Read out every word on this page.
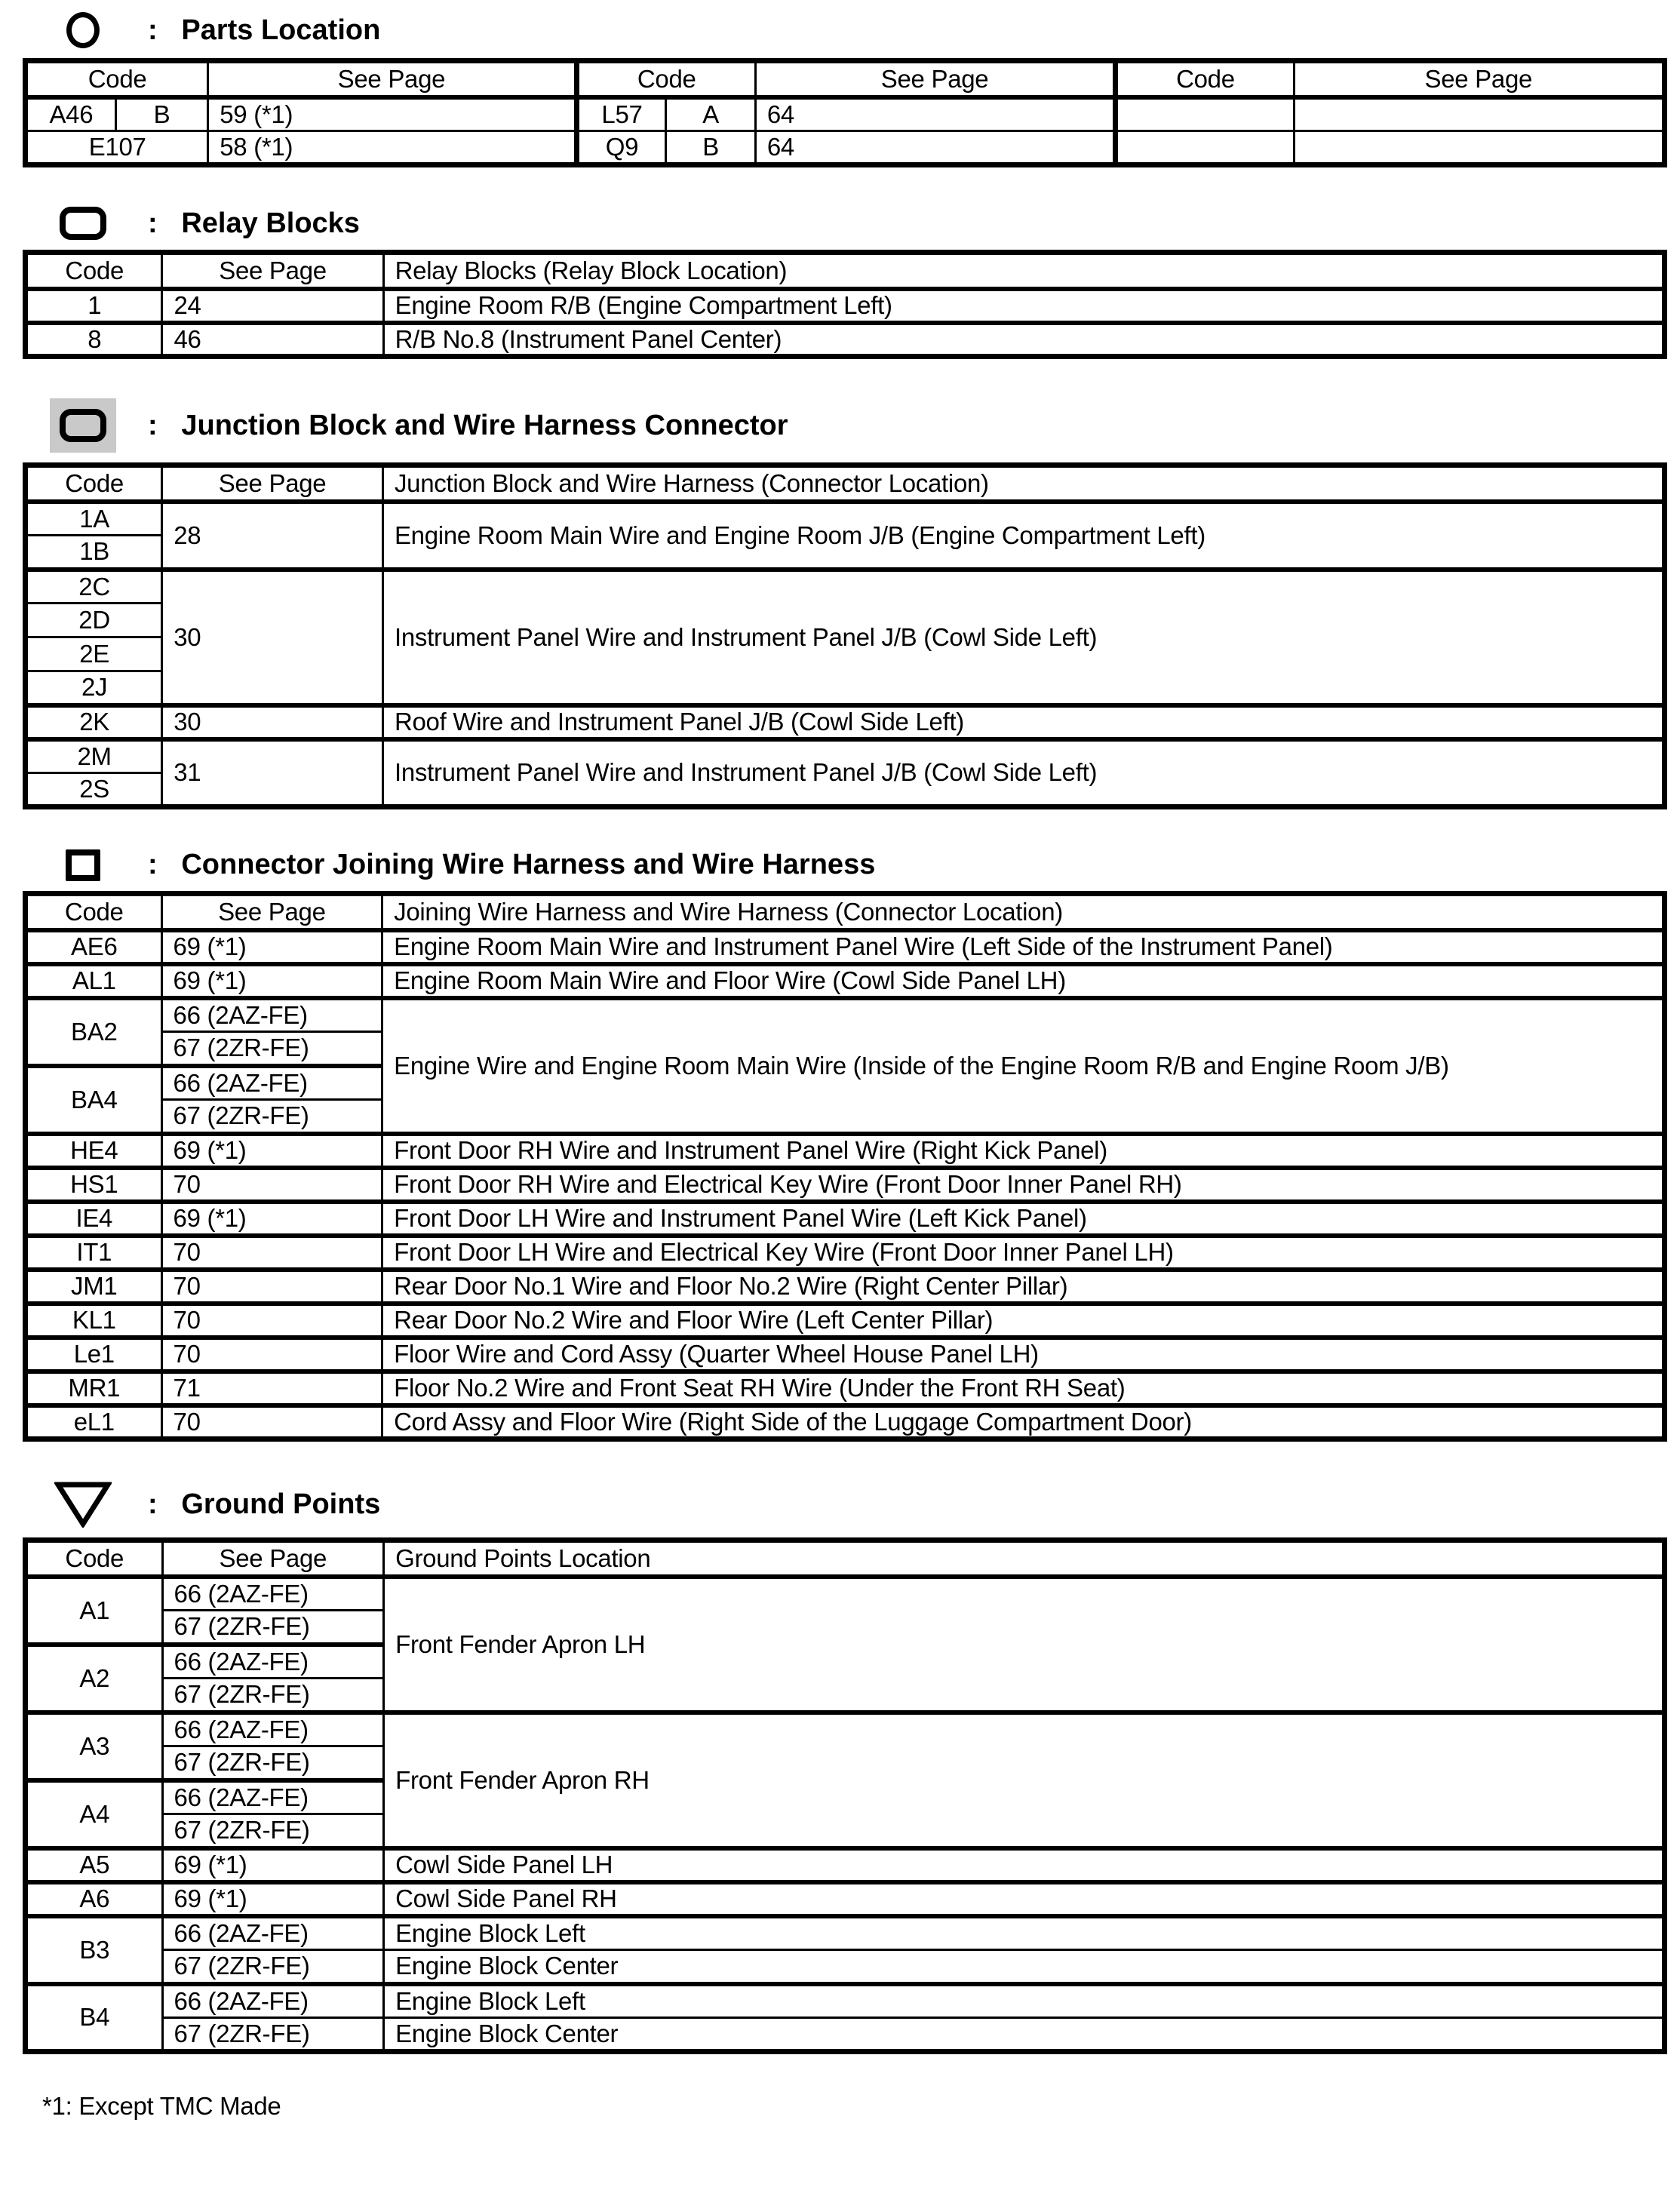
: Parts Location
Code		See Page	Code		See Page	Code	See Page
A46	B	59 (*1)	L57	A	64		
E107		58 (*1)	Q9	B	64		
: Relay Blocks
Code	See Page	Relay Blocks (Relay Block Location)
1	24	Engine Room R/B (Engine Compartment Left)
8	46	R/B No.8 (Instrument Panel Center)
: Junction Block and Wire Harness Connector
Code	See Page	Junction Block and Wire Harness (Connector Location)
1A	28	Engine Room Main Wire and Engine Room J/B (Engine Compartment Left)
1B		
2C	30	Instrument Panel Wire and Instrument Panel J/B (Cowl Side Left)
2D		
2E		
2J		
2K	30	Roof Wire and Instrument Panel J/B (Cowl Side Left)
2M	31	Instrument Panel Wire and Instrument Panel J/B (Cowl Side Left)
2S		
: Connector Joining Wire Harness and Wire Harness
Code	See Page	Joining Wire Harness and Wire Harness (Connector Location)
AE6	69 (*1)	Engine Room Main Wire and Instrument Panel Wire (Left Side of the Instrument Panel)
AL1	69 (*1)	Engine Room Main Wire and Floor Wire (Cowl Side Panel LH)
BA2	66 (2AZ-FE)	Engine Wire and Engine Room Main Wire (Inside of the Engine Room R/B and Engine Room J/B)
	67 (2ZR-FE)	
BA4	66 (2AZ-FE)	
	67 (2ZR-FE)	
HE4	69 (*1)	Front Door RH Wire and Instrument Panel Wire (Right Kick Panel)
HS1	70	Front Door RH Wire and Electrical Key Wire (Front Door Inner Panel RH)
IE4	69 (*1)	Front Door LH Wire and Instrument Panel Wire (Left Kick Panel)
IT1	70	Front Door LH Wire and Electrical Key Wire (Front Door Inner Panel LH)
JM1	70	Rear Door No.1 Wire and Floor No.2 Wire (Right Center Pillar)
KL1	70	Rear Door No.2 Wire and Floor Wire (Left Center Pillar)
Le1	70	Floor Wire and Cord Assy (Quarter Wheel House Panel LH)
MR1	71	Floor No.2 Wire and Front Seat RH Wire (Under the Front RH Seat)
eL1	70	Cord Assy and Floor Wire (Right Side of the Luggage Compartment Door)
: Ground Points
Code	See Page	Ground Points Location
A1	66 (2AZ-FE)	Front Fender Apron LH
	67 (2ZR-FE)	
A2	66 (2AZ-FE)	
	67 (2ZR-FE)	
A3	66 (2AZ-FE)	Front Fender Apron RH
	67 (2ZR-FE)	
A4	66 (2AZ-FE)	
	67 (2ZR-FE)	
A5	69 (*1)	Cowl Side Panel LH
A6	69 (*1)	Cowl Side Panel RH
B3	66 (2AZ-FE)	Engine Block Left
	67 (2ZR-FE)	Engine Block Center
B4	66 (2AZ-FE)	Engine Block Left
	67 (2ZR-FE)	Engine Block Center
*1: Except TMC Made
